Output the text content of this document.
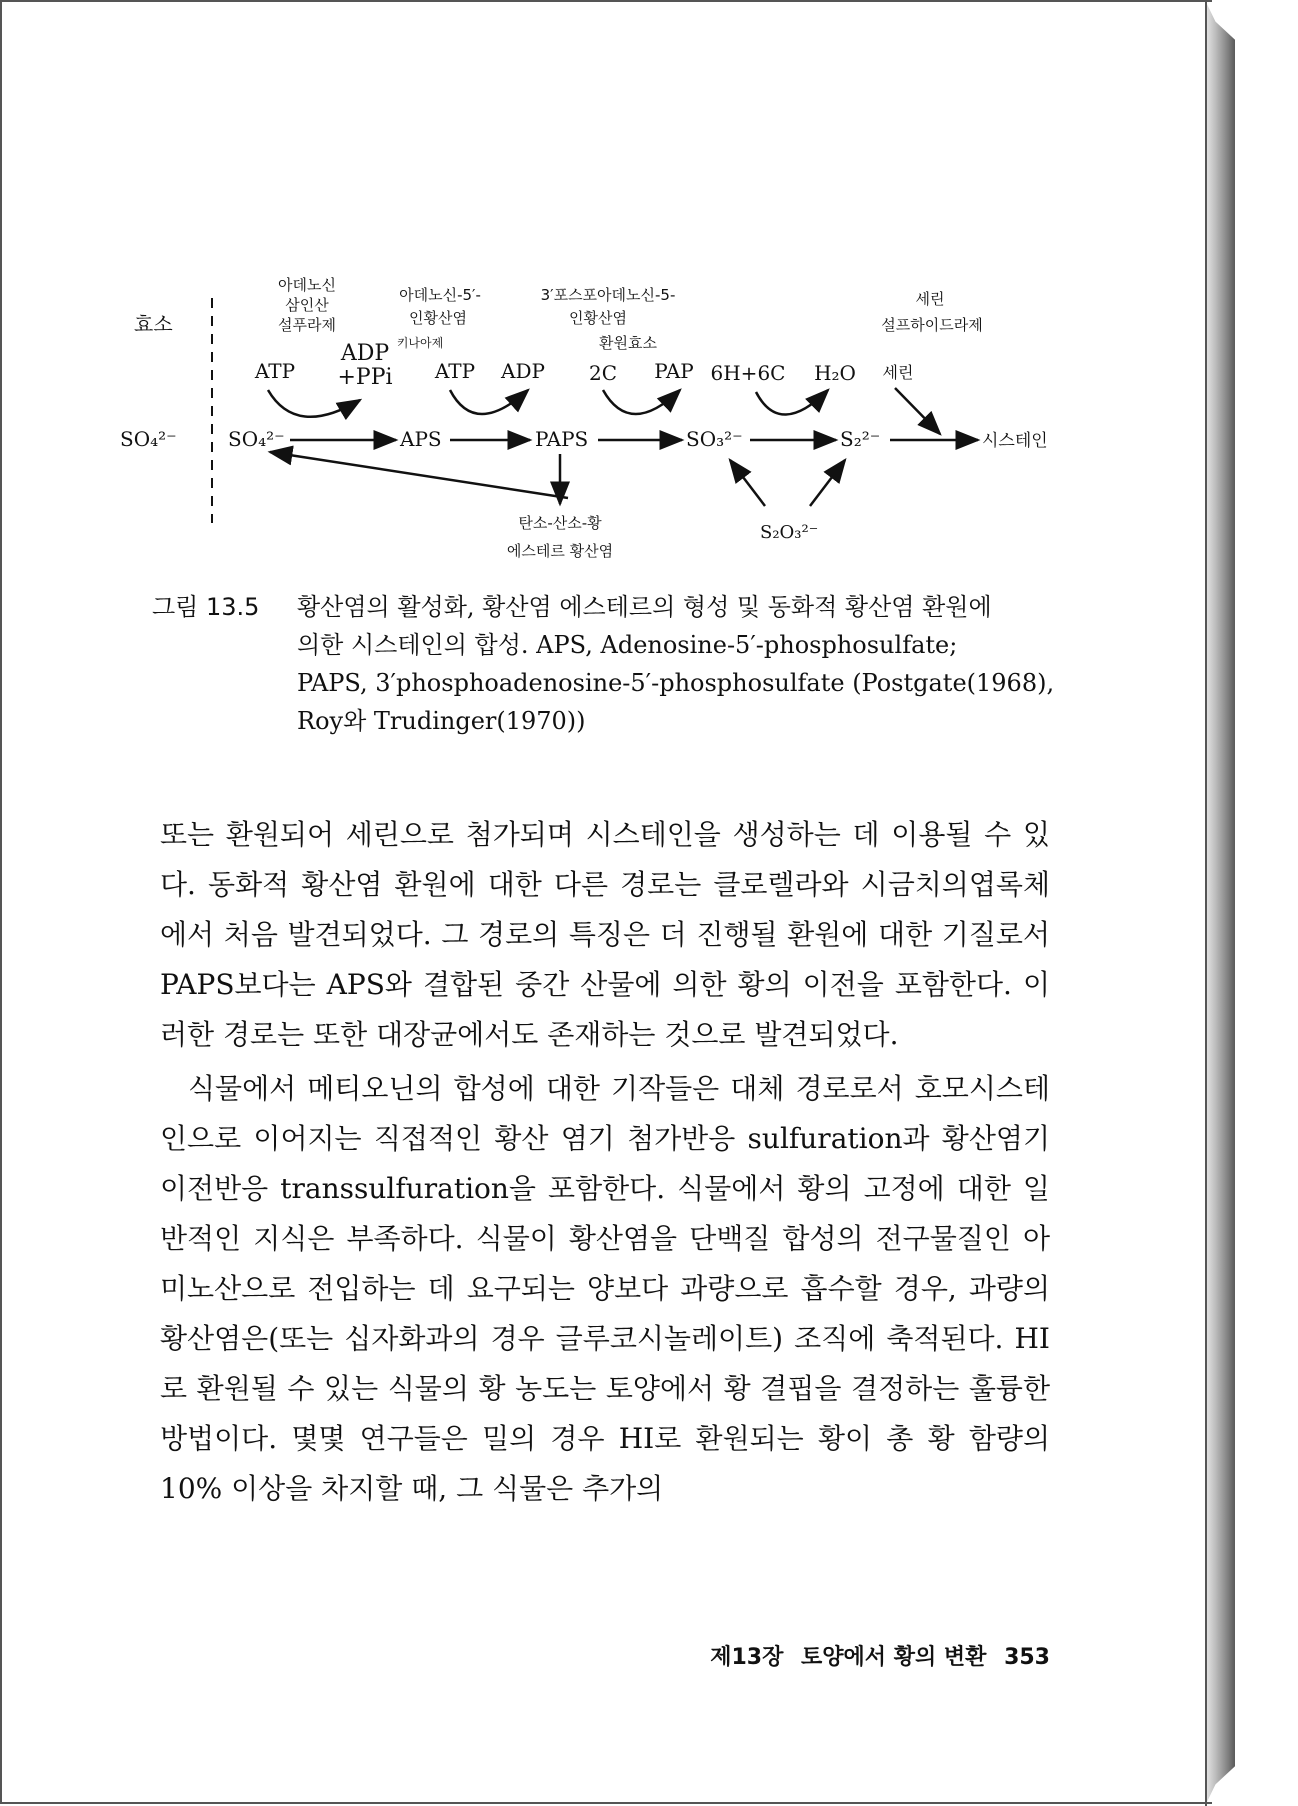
효소
아데노신
삼인산
설푸라제
아데노신-5′-
인황산염
키나아제
3′포스포아데노신-5-
인황산염
환원효소
세린
설프하이드라제
ATP
ADP
+PPi ATP ADP 2C PAP 6H+6C H₂O 세린
SO₄²⁻	SO₄²⁻	APS	PAPS	SO₃²⁻	S₂²⁻	시스테인
S₂O₃²⁻
탄소-산소-황
에스테르 황산염
그림 13.5	황산염의 활성화, 황산염 에스테르의 형성 및 동화적 황산염 환원에
의한 시스테인의 합성. APS, Adenosine-5′-phosphosulfate;
PAPS, 3′phosphoadenosine-5′-phosphosulfate (Postgate(1968),
Roy와 Trudinger(1970))

또는 환원되어 세린으로 첨가되며 시스테인을 생성하는 데 이용될 수 있다. 동화적 황산염 환원에 대한 다른 경로는 클로렐라와 시금치의엽록체에서 처음 발견되었다. 그 경로의 특징은 더 진행될 환원에 대한 기질로서 PAPS보다는 APS와 결합된 중간 산물에 의한 황의 이전을 포함한다. 이러한 경로는 또한 대장균에서도 존재하는 것으로 발견되었다.

식물에서 메티오닌의 합성에 대한 기작들은 대체 경로로서 호모시스테인으로 이어지는 직접적인 황산 염기 첨가반응 sulfuration과 황산염기이전반응 transsulfuration을 포함한다. 식물에서 황의 고정에 대한 일반적인 지식은 부족하다. 식물이 황산염을 단백질 합성의 전구물질인 아미노산으로 전입하는 데 요구되는 양보다 과량으로 흡수할 경우, 과량의 황산염은(또는 십자화과의 경우 글루코시놀레이트) 조직에 축적된다. HI로 환원될 수 있는 식물의 황 농도는 토양에서 황 결핍을 결정하는 훌륭한 방법이다. 몇몇 연구들은 밀의 경우 HI로 환원되는 황이 총 황 함량의 10% 이상을 차지할 때, 그 식물은 추가의

제13장 토양에서 황의 변환 353
